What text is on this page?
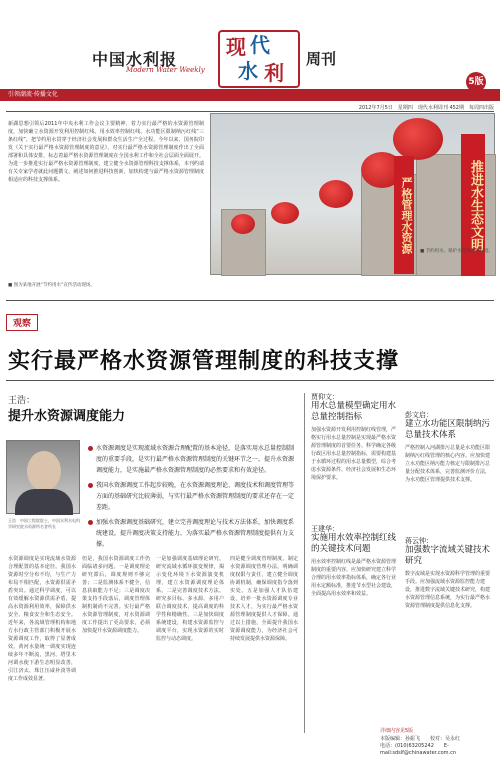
中国水利报
Modern Water Weekly
现 代
水 利
周刊
5版
引领潮流·传播文化
2012年7月5日　星期四　现代水利周刊 452期　每周四出版
新湖思想引领后2011年中央水利工作会议主要精神，着力实行最严格的水资源管理制度，加快确立水资源开发利用控制红线、用水效率控制红线、水功能区限制纳污红线“三条红线”，把节约用水贯穿于经济社会发展和群众生活生产全过程。今年以来，国务院印发《关于实行最严格水资源管理制度的意见》，对实行最严格水资源管理制度作出了全面部署和具体安排，标志着最严格水资源管理制度在全国水利工作和全社会层面全面展开。为进一步推进实行最严格水资源管理制度，建立健全水资源管理科技支撑体系，本刊约请有关专家学者就此问题撰文，阐述如何推进科技创新，加快构建与最严格水资源管理制度相适应的科技支撑体系。	严格管理水资源	推进水生态文明
■ 图为某地开展“节约用水”宣传活动现场。
■ 节约用水、保护水资源宣传标语。
观察
实行最严格水资源管理制度的科技支撑
王浩：
提升水资源调度能力
王浩　中国工程院院士，中国水利水电科学研究院水资源所名誉所长
水资源调度是实现流域水资源合理配置的基本途径，是落实用水总量控制制度的重要手段，是实行最严格水资源管理制度的关键环节之一。提升水资源调度能力，是实施最严格水资源管理制度的必然要求和有效途径。
我国水资源调度工作起步较晚，在水资源调度理论、调度技术和调度管理等方面的基础研究比较薄弱，与实行最严格水资源管理制度的要求还存在一定差距。
加强水资源调度基础研究，建立完善调度理论与技术方法体系，加快调度系统建设，提升调度决策支持能力，为落实最严格水资源管理制度提供有力支撑。
水资源调度是实现流域水资源合理配置的基本途径。我国水资源时空分布不均，与生产力布局不相匹配，水资源供需矛盾突出。通过科学调度，可以有效缓解水资源供需矛盾，提高水资源利用效率，保障供水安全、粮食安全和生态安全。近年来，各流域管理机构和地方水行政主管部门积极开展水资源调度工作，取得了显著成效。黄河水量统一调度实现连续多年不断流，黑河、塔里木河调水使下游生态明显改善，引江济太、珠江压咸补淡等调度工作成效显著。
但是，我国水资源调度工作仍面临诸多问题。一是调度理论研究滞后，调度规则不够完善；二是监测体系不健全，信息获取能力不足；三是调度决策支持手段落后，调度管理体制机制尚不完善。实行最严格水资源管理制度，对水资源调度工作提出了更高要求，必须加快提升水资源调度能力。
一是加强调度基础理论研究。研究流域水循环演变规律，揭示变化环境下水资源演变机理，建立水资源调度理论体系。二是完善调度技术方法。研究多目标、多水源、多用户联合调度技术，提高调度的科学性和精确性。三是加快调度系统建设，构建水资源监控与调度平台，实现水资源的实时监控与动态调度。
四是健全调度管理制度。制定水资源调度管理办法，明确调度权限与责任，建立健全调度协调机制，确保调度指令落到实处。五是加强人才队伍建设，培养一批水资源调度专业技术人才，为实行最严格水资源管理制度提供人才保障。通过以上措施，全面提升我国水资源调度能力，为经济社会可持续发展提供水资源保障。
贾仰文：
用水总量模型确定用水总量控制指标
加强水资源开发利用控制红线管理，严格实行用水总量控制是实现最严格水资源管理制度的首要任务。科学确定各级行政区用水总量控制指标，需要构建基于水循环过程的用水总量模型，综合考虑水资源条件、经济社会发展和生态环境保护要求。
彭文启：
建立水功能区限制纳污总量技术体系
严格控制入河湖排污总量是水功能区限制纳污红线管理的核心内容。应加快建立水功能区纳污能力核定与限制排污总量分配技术体系，完善监测评价方法，为水功能区管理提供技术支撑。
王建华：
实施用水效率控制红线的关键技术问题
用水效率控制红线是最严格水资源管理制度的重要内容。应加快研究建立科学合理的用水效率指标体系，确定各行业用水定额标准，推进节水型社会建设，全面提高用水效率和效益。
蒋云钟：
加强数字流域关键技术研究
数字流域是实现水资源科学管理的重要手段。应加强流域水资源监控能力建设，推进数字流域关键技术研究，构建水资源管理信息系统，为实行最严格水资源管理制度提供信息化支撑。
详细内容见5版
本版编辑：孙振飞　　校对：吴永红
电话：(010)63205242　　E-mail:sdslf@chinawater.com.cn
